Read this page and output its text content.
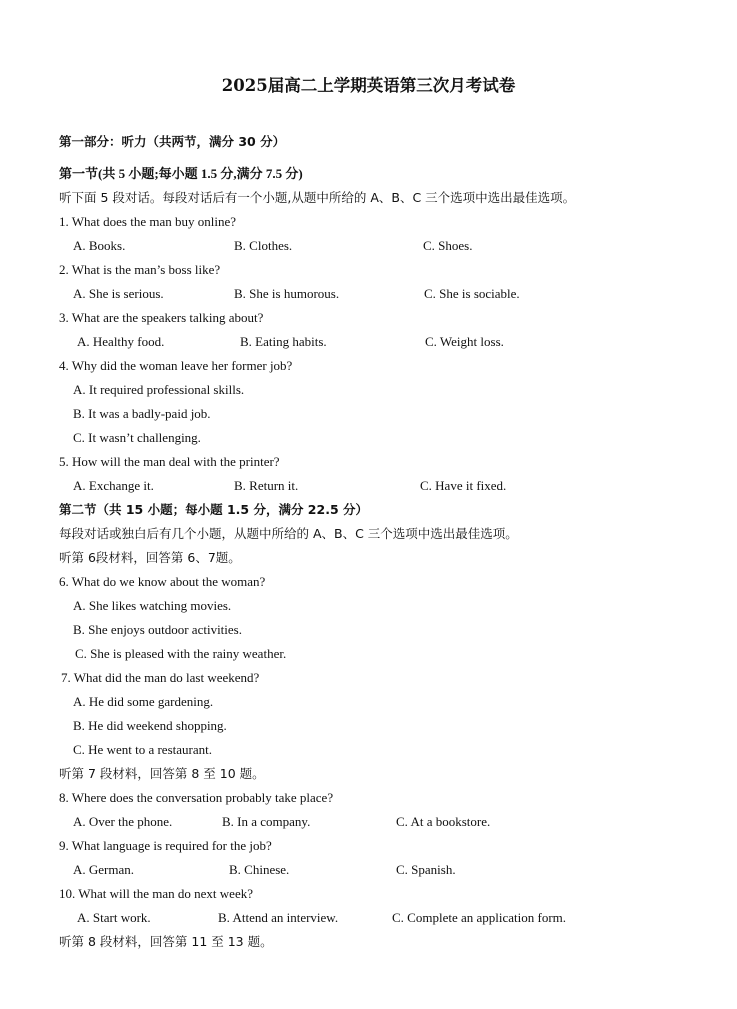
2025届高二上学期英语第三次月考试卷
第一部分：听力（共两节，满分 30 分）
第一节(共 5 小题;每小题 1.5 分,满分 7.5 分)
听下面 5 段对话。每段对话后有一个小题,从题中所给的 A、B、C 三个选项中选出最佳选项。
1. What does the man buy online?
A. Books.	B. Clothes.	C. Shoes.
2. What is the man’s boss like?
A. She is serious.	B. She is humorous.	C. She is sociable.
3. What are the speakers talking about?
A. Healthy food.	B. Eating habits.	C. Weight loss.
4. Why did the woman leave her former job?
A. It required professional skills.
B. It was a badly-paid job.
C. It wasn’t challenging.
5. How will the man deal with the printer?
A. Exchange it.	B. Return it.	C. Have it fixed.
第二节（共 15 小题；每小题 1.5 分，满分 22.5 分）
每段对话或独白后有几个小题，从题中所给的 A、B、C 三个选项中选出最佳选项。
听第 6段材料，回答第 6、7题。
6. What do we know about the woman?
A. She likes watching movies.
B. She enjoys outdoor activities.
C. She is pleased with the rainy weather.
7. What did the man do last weekend?
A. He did some gardening.
B. He did weekend shopping.
C. He went to a restaurant.
听第 7 段材料，回答第 8 至 10 题。
8. Where does the conversation probably take place?
A. Over the phone.	B. In a company.	C. At a bookstore.
9. What language is required for the job?
A. German.	B. Chinese.	C. Spanish.
10. What will the man do next week?
A. Start work.	B. Attend an interview.	C. Complete an application form.
听第 8 段材料，回答第 11 至 13 题。
